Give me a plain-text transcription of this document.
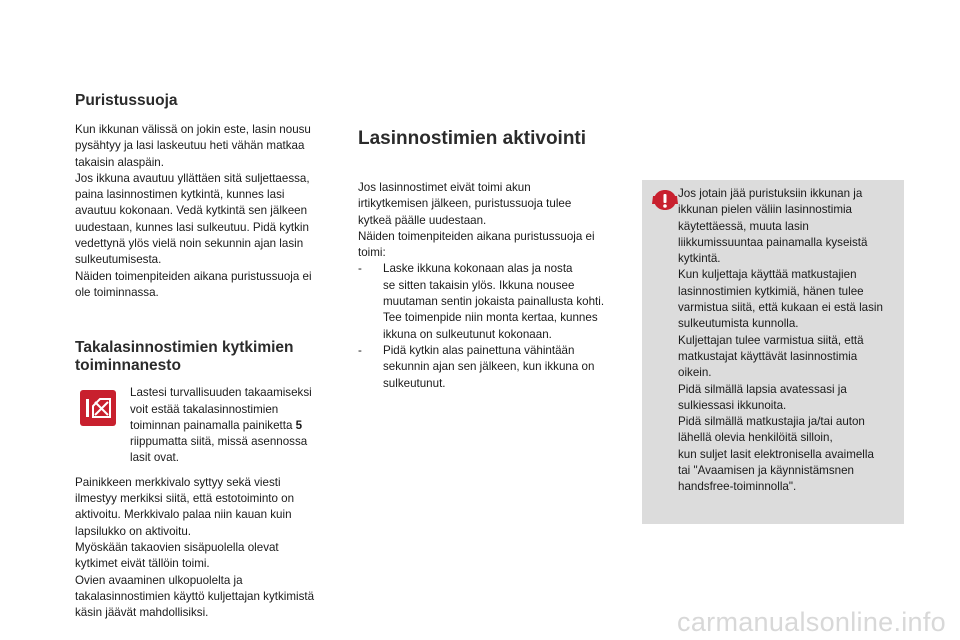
Puristussuoja

Kun ikkunan välissä on jokin este, lasin nousu
pysähtyy ja lasi laskeutuu heti vähän matkaa
takaisin alaspäin.
Jos ikkuna avautuu yllättäen sitä suljettaessa,
paina lasinnostimen kytkintä, kunnes lasi
avautuu kokonaan. Vedä kytkintä sen jälkeen
uudestaan, kunnes lasi sulkeutuu. Pidä kytkin
vedettynä ylös vielä noin sekunnin ajan lasin
sulkeutumisesta.
Näiden toimenpiteiden aikana puristussuoja ei
ole toiminnassa.

Takalasinnostimien kytkimien
toiminnanesto

Lastesi turvallisuuden takaamiseksi
voit estää takalasinnostimien
toiminnan painamalla painiketta 5
riippumatta siitä, missä asennossa
lasit ovat.

Painikkeen merkkivalo syttyy sekä viesti
ilmestyy merkiksi siitä, että estotoiminto on
aktivoitu. Merkkivalo palaa niin kauan kuin
lapsilukko on aktivoitu.
Myöskään takaovien sisäpuolella olevat
kytkimet eivät tällöin toimi.
Ovien avaaminen ulkopuolelta ja
takalasinnostimien käyttö kuljettajan kytkimistä
käsin jäävät mahdollisiksi.

Lasinnostimien aktivointi

Jos lasinnostimet eivät toimi akun
irtikytkemisen jälkeen, puristussuoja tulee
kytkeä päälle uudestaan.
Näiden toimenpiteiden aikana puristussuoja ei
toimi:

- Laske ikkuna kokonaan alas ja nosta
se sitten takaisin ylös. Ikkuna nousee
muutaman sentin jokaista painallusta kohti.
Tee toimenpide niin monta kertaa, kunnes
ikkuna on sulkeutunut kokonaan.
- Pidä kytkin alas painettuna vähintään
sekunnin ajan sen jälkeen, kun ikkuna on
sulkeutunut.
Jos jotain jää puristuksiin ikkunan ja
ikkunan pielen väliin lasinnostimia
käytettäessä, muuta lasin
liikkumissuuntaa painamalla kyseistä
kytkintä.
Kun kuljettaja käyttää matkustajien
lasinnostimien kytkimiä, hänen tulee
varmistua siitä, että kukaan ei estä lasin
sulkeutumista kunnolla.
Kuljettajan tulee varmistua siitä, että
matkustajat käyttävät lasinnostimia
oikein.
Pidä silmällä lapsia avatessasi ja
sulkiessasi ikkunoita.
Pidä silmällä matkustajia ja/tai auton
lähellä olevia henkilöitä silloin,
kun suljet lasit elektronisella avaimella
tai "Avaamisen ja käynnistämsnen
handsfree-toiminnolla".
carmanualsonline.info
